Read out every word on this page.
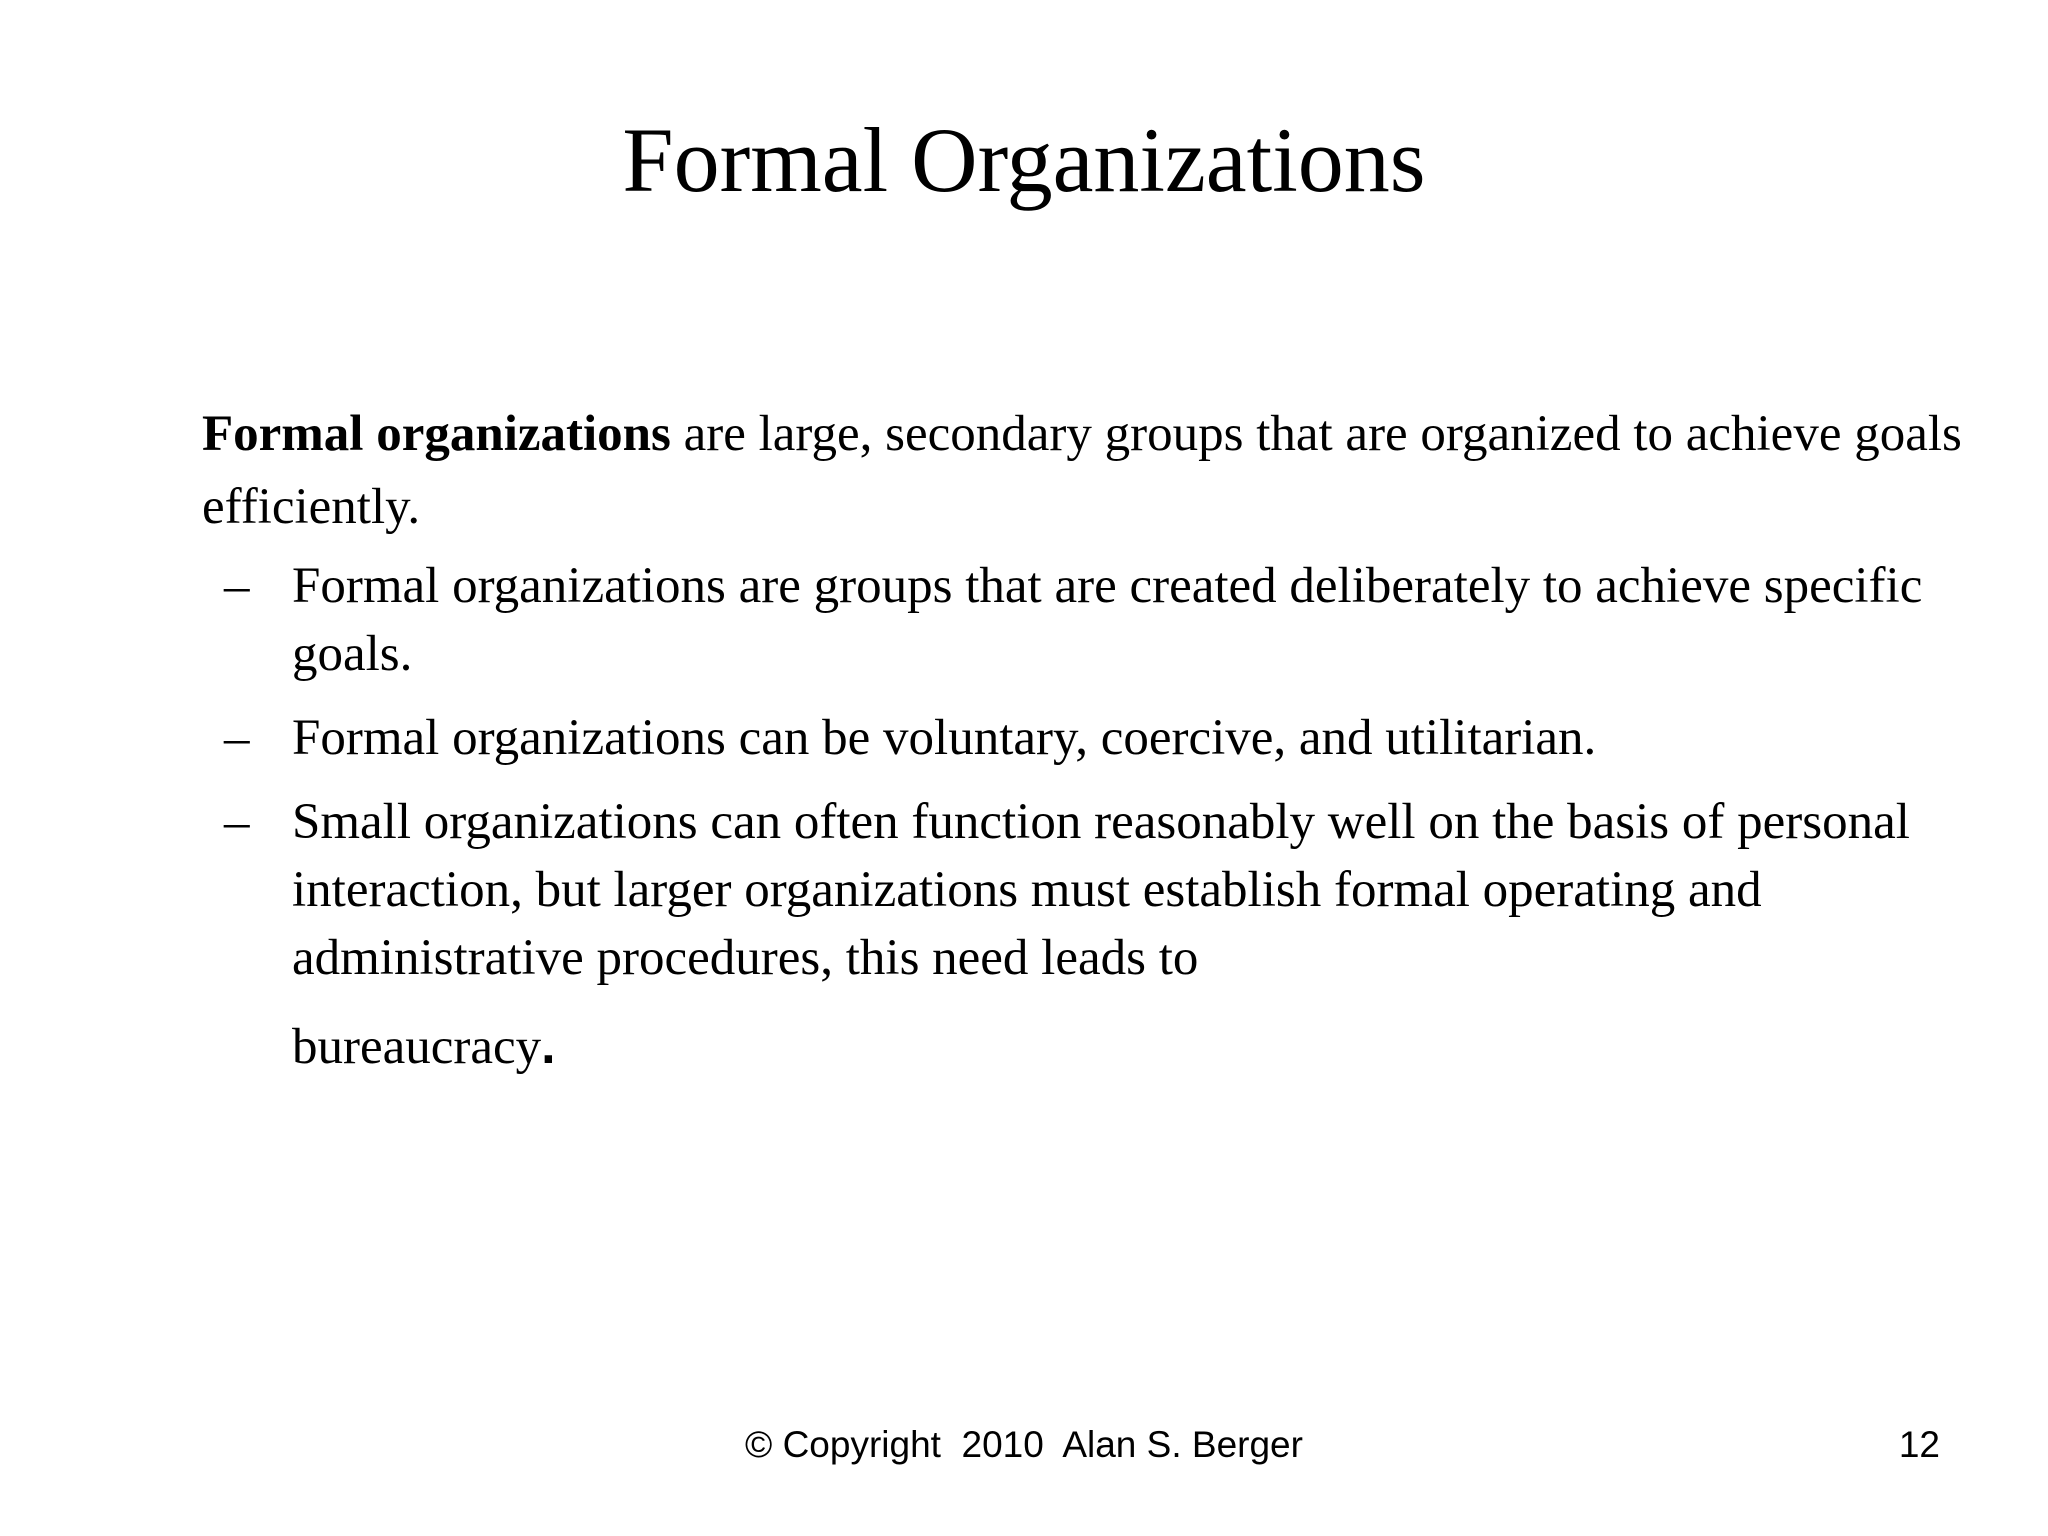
Formal Organizations

Formal organizations are large, secondary groups that are organized to achieve goals efficiently.

– Formal organizations are groups that are created deliberately to achieve specific goals.
– Formal organizations can be voluntary, coercive, and utilitarian.
– Small organizations can often function reasonably well on the basis of personal interaction, but larger organizations must establish formal operating and administrative procedures, this need leads to
bureaucracy.
© Copyright  2010  Alan S. Berger	12
